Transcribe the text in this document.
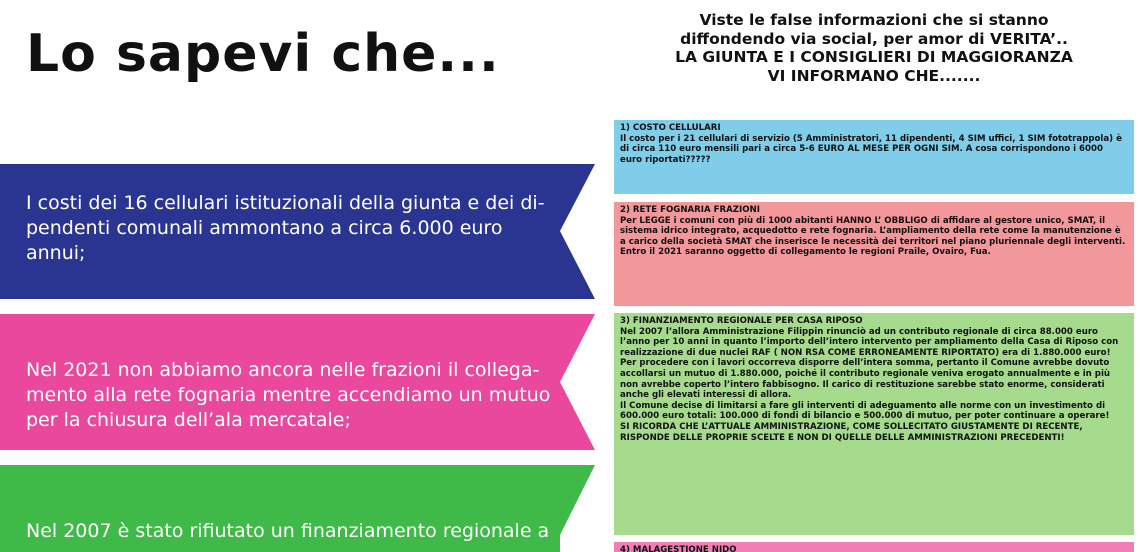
Lo sapevi che...
I costi dei 16 cellulari istituzionali della giunta e dei di-
pendenti comunali ammontano a circa 6.000 euro
annui;
Nel 2021 non abbiamo ancora nelle frazioni il collega-
mento alla rete fognaria mentre accendiamo un mutuo
per la chiusura dell’ala mercatale;
Nel 2007 è stato rifiutato un finanziamento regionale a
Viste le false informazioni che si stanno
diffondendo via social, per amor di VERITA’..
LA GIUNTA E I CONSIGLIERI DI MAGGIORANZA
VI INFORMANO CHE.......
1) COSTO CELLULARI

Il costo per i 21 cellulari di servizio (5 Amministratori, 11 dipendenti, 4 SIM uffici, 1 SIM fototrappola) è di circa 110 euro mensili pari a circa 5-6 EURO AL MESE PER OGNI SIM. A cosa corrispondono i 6000 euro riportati?????

2) RETE FOGNARIA FRAZIONI

Per LEGGE i comuni con più di 1000 abitanti HANNO L’ OBBLIGO di affidare al gestore unico, SMAT, il sistema idrico integrato, acquedotto e rete fognaria. L’ampliamento della rete come la manutenzione è a carico della società SMAT che inserisce le necessità dei territori nel piano pluriennale degli interventi. Entro il 2021 saranno oggetto di collegamento le regioni Praile, Ovairo, Fua.

3) FINANZIAMENTO REGIONALE PER CASA RIPOSO

Nel 2007 l’allora Amministrazione Filippin rinunciò ad un contributo regionale di circa 88.000 euro l’anno per 10 anni in quanto l’importo dell’intero intervento per ampliamento della Casa di Riposo con realizzazione di due nuclei RAF ( NON RSA COME ERRONEAMENTE RIPORTATO) era di 1.880.000 euro! Per procedere con i lavori occorreva disporre dell’intera somma, pertanto il Comune avrebbe dovuto accollarsi un mutuo di 1.880.000, poiché il contributo regionale veniva erogato annualmente e in più non avrebbe coperto l’intero fabbisogno. Il carico di restituzione sarebbe stato enorme, considerati anche gli elevati interessi di allora.

Il Comune decise di limitarsi a fare gli interventi di adeguamento alle norme con un investimento di 600.000 euro totali: 100.000 di fondi di bilancio e 500.000 di mutuo, per poter continuare a operare!

SI RICORDA CHE L’ATTUALE AMMINISTRAZIONE, COME SOLLECITATO GIUSTAMENTE DI RECENTE, RISPONDE DELLE PROPRIE SCELTE E NON DI QUELLE DELLE AMMINISTRAZIONI PRECEDENTI!

4) MALAGESTIONE NIDO
